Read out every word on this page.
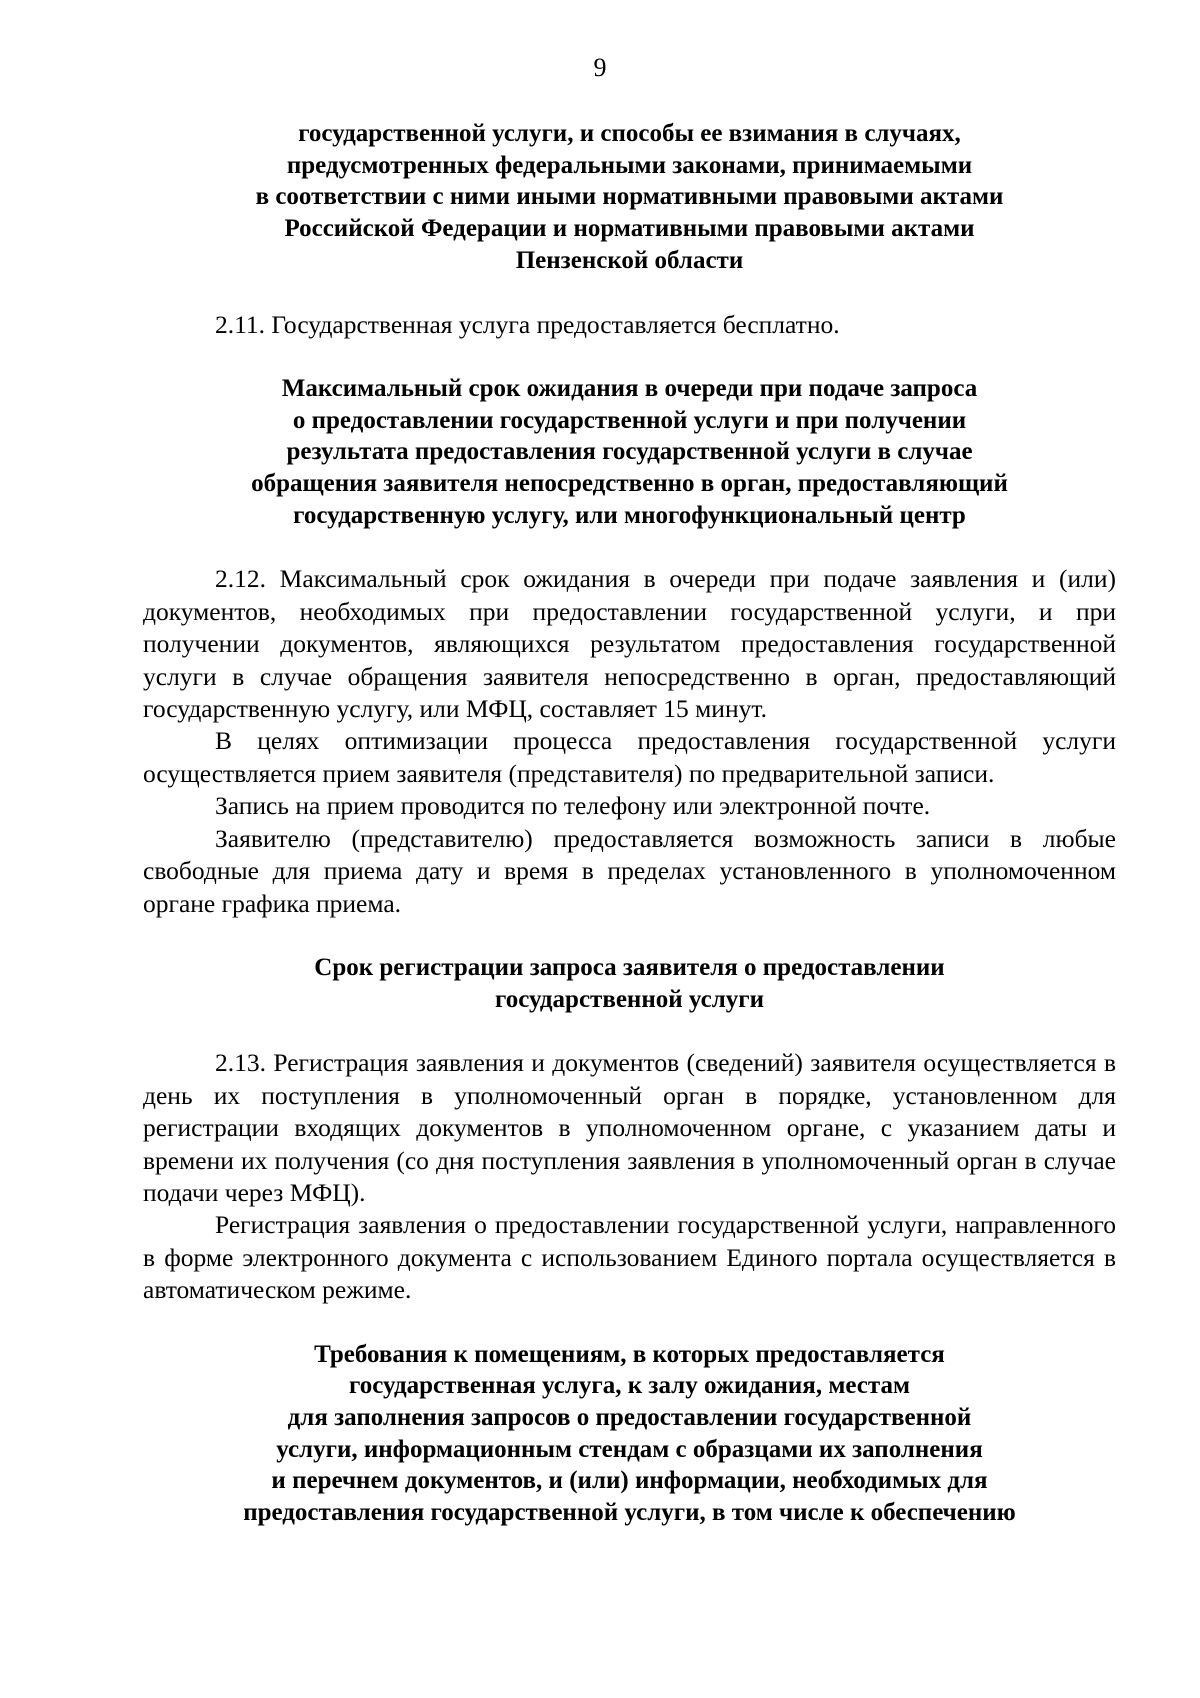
9
государственной услуги, и способы ее взимания в случаях,
предусмотренных федеральными законами, принимаемыми
в соответствии с ними иными нормативными правовыми актами
Российской Федерации и нормативными правовыми актами
Пензенской области

2.11. Государственная услуга предоставляется бесплатно.

Максимальный срок ожидания в очереди при подаче запроса
о предоставлении государственной услуги и при получении
результата предоставления государственной услуги в случае
обращения заявителя непосредственно в орган, предоставляющий
государственную услугу, или многофункциональный центр

2.12. Максимальный срок ожидания в очереди при подаче заявления и (или) документов, необходимых при предоставлении государственной услуги, и при получении документов, являющихся результатом предоставления государственной услуги в случае обращения заявителя непосредственно в орган, предоставляющий государственную услугу, или МФЦ, составляет 15 минут.

В целях оптимизации процесса предоставления государственной услуги осуществляется прием заявителя (представителя) по предварительной записи.

Запись на прием проводится по телефону или электронной почте.

Заявителю (представителю) предоставляется возможность записи в любые свободные для приема дату и время в пределах установленного в уполномоченном органе графика приема.

Срок регистрации запроса заявителя о предоставлении
государственной услуги

2.13. Регистрация заявления и документов (сведений) заявителя осуществляется в день их поступления в уполномоченный орган в порядке, установленном для регистрации входящих документов в уполномоченном органе, с указанием даты и времени их получения (со дня поступления заявления в уполномоченный орган в случае подачи через МФЦ).

Регистрация заявления о предоставлении государственной услуги, направленного в форме электронного документа с использованием Единого портала осуществляется в автоматическом режиме.

Требования к помещениям, в которых предоставляется
государственная услуга, к залу ожидания, местам
для заполнения запросов о предоставлении государственной
услуги, информационным стендам с образцами их заполнения
и перечнем документов, и (или) информации, необходимых для
предоставления государственной услуги, в том числе к обеспечению
